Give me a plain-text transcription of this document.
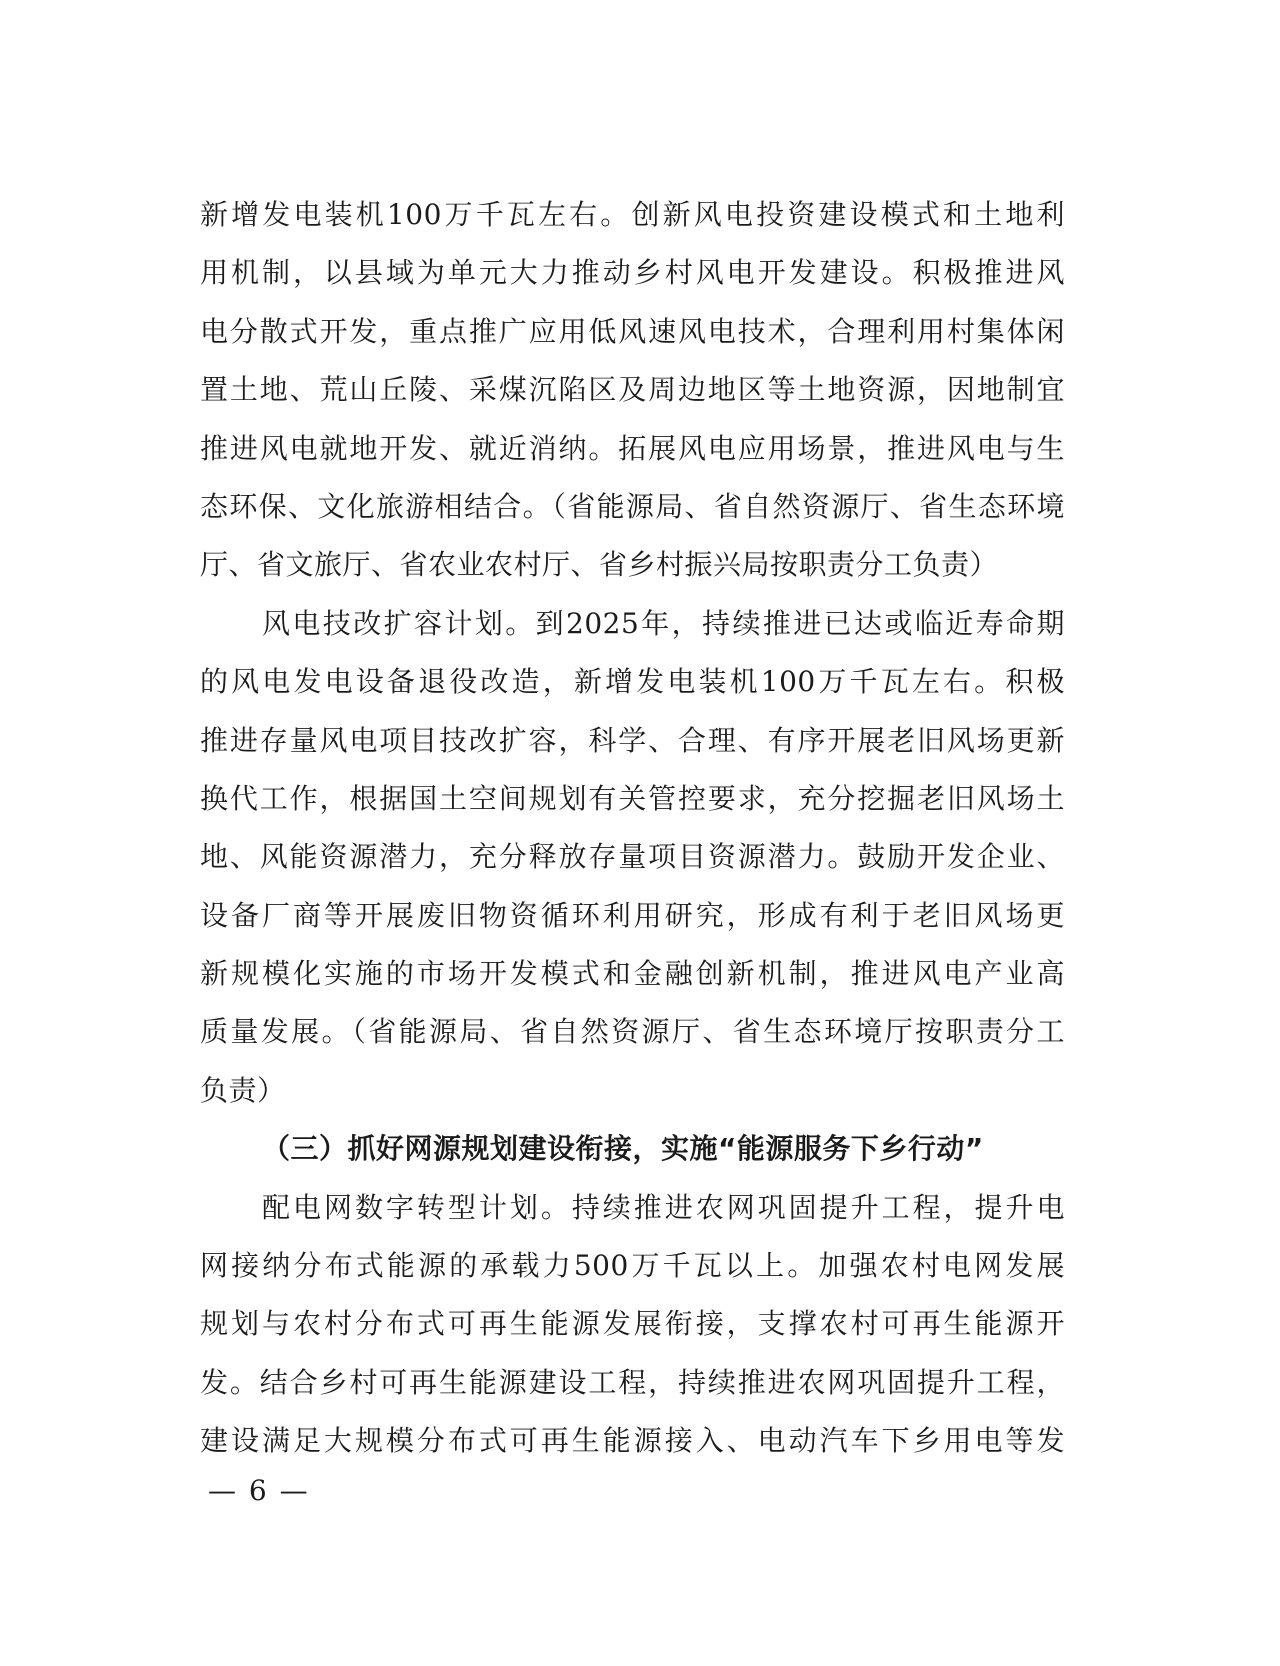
新增发电装机100万千瓦左右。创新风电投资建设模式和土地利
用机制，以县域为单元大力推动乡村风电开发建设。积极推进风
电分散式开发，重点推广应用低风速风电技术，合理利用村集体闲
置土地、荒山丘陵、采煤沉陷区及周边地区等土地资源，因地制宜
推进风电就地开发、就近消纳。拓展风电应用场景，推进风电与生
态环保、文化旅游相结合。（省能源局、省自然资源厅、省生态环境
厅、省文旅厅、省农业农村厅、省乡村振兴局按职责分工负责）
风电技改扩容计划。到2025年，持续推进已达或临近寿命期
的风电发电设备退役改造，新增发电装机100万千瓦左右。积极
推进存量风电项目技改扩容，科学、合理、有序开展老旧风场更新
换代工作，根据国土空间规划有关管控要求，充分挖掘老旧风场土
地、风能资源潜力，充分释放存量项目资源潜力。鼓励开发企业、
设备厂商等开展废旧物资循环利用研究，形成有利于老旧风场更
新规模化实施的市场开发模式和金融创新机制，推进风电产业高
质量发展。（省能源局、省自然资源厅、省生态环境厅按职责分工
负责）
（三）抓好网源规划建设衔接，实施“能源服务下乡行动”
配电网数字转型计划。持续推进农网巩固提升工程，提升电
网接纳分布式能源的承载力500万千瓦以上。加强农村电网发展
规划与农村分布式可再生能源发展衔接，支撑农村可再生能源开
发。结合乡村可再生能源建设工程，持续推进农网巩固提升工程，
建设满足大规模分布式可再生能源接入、电动汽车下乡用电等发
— 6 —
